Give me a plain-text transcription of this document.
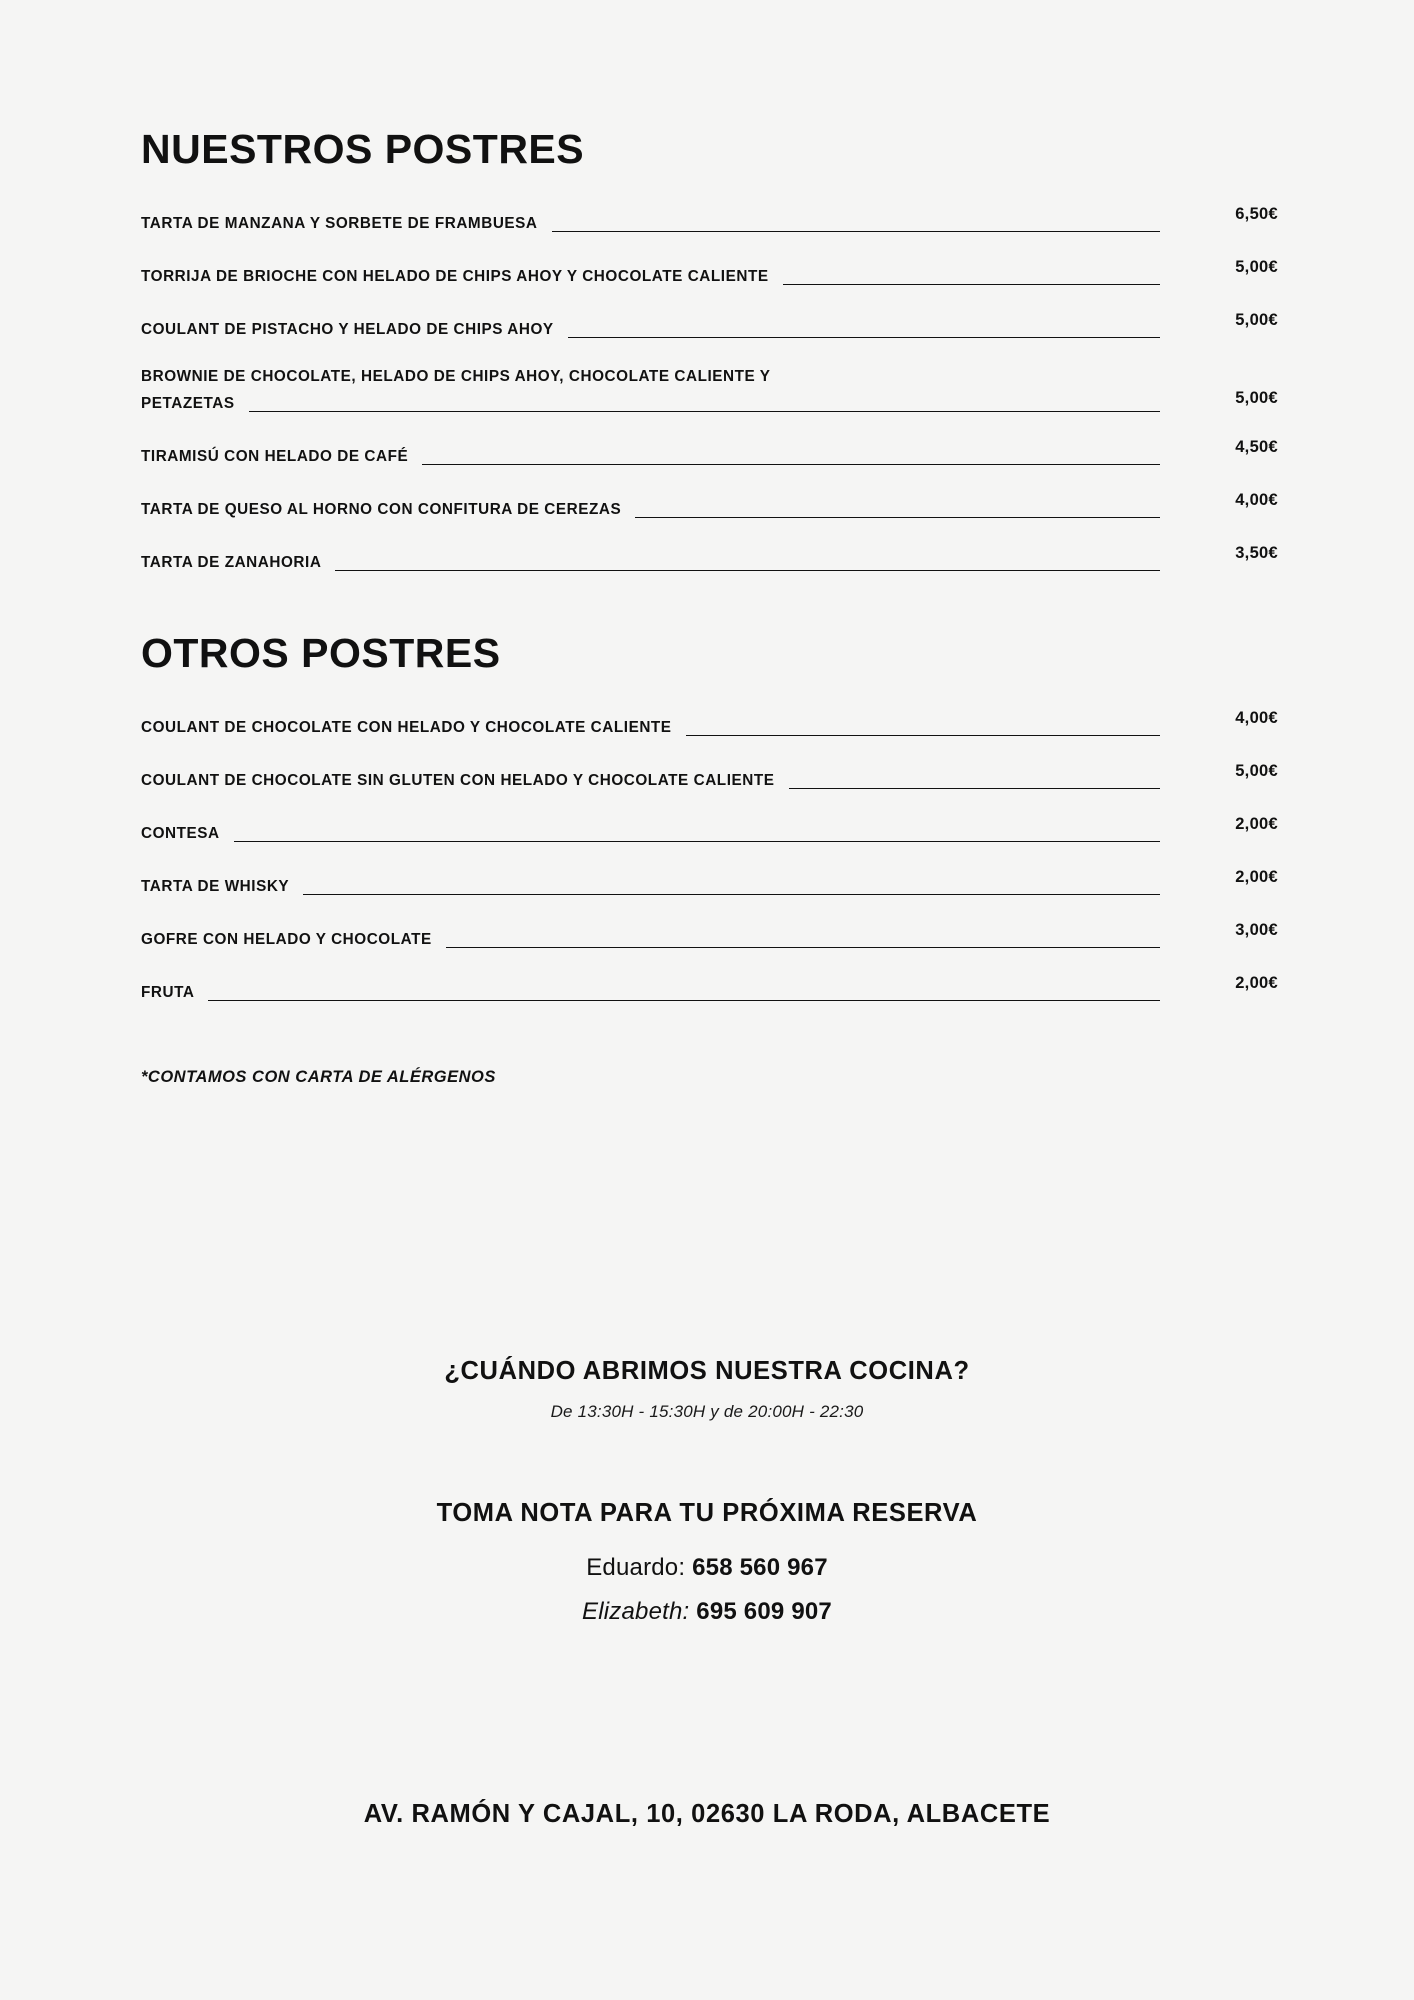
NUESTROS POSTRES
TARTA DE MANZANA Y SORBETE DE FRAMBUESA
6,50€
TORRIJA DE BRIOCHE CON HELADO DE CHIPS AHOY Y CHOCOLATE CALIENTE
5,00€
COULANT DE PISTACHO Y HELADO DE CHIPS AHOY
5,00€
BROWNIE DE CHOCOLATE, HELADO DE CHIPS AHOY, CHOCOLATE CALIENTE Y
PETAZETAS	5,00€
TIRAMISÚ CON HELADO DE CAFÉ
4,50€
TARTA DE QUESO AL HORNO CON CONFITURA DE CEREZAS
4,00€
TARTA DE ZANAHORIA
3,50€
OTROS POSTRES
COULANT DE CHOCOLATE CON HELADO Y CHOCOLATE CALIENTE
4,00€
COULANT DE CHOCOLATE SIN GLUTEN CON HELADO Y CHOCOLATE CALIENTE
5,00€
CONTESA
2,00€
TARTA DE WHISKY
2,00€
GOFRE CON HELADO Y CHOCOLATE
3,00€
FRUTA
2,00€
*CONTAMOS CON CARTA DE ALÉRGENOS
¿CUÁNDO ABRIMOS NUESTRA COCINA?
De 13:30H - 15:30H y de 20:00H - 22:30
TOMA NOTA PARA TU PRÓXIMA RESERVA
Eduardo: 658 560 967
Elizabeth: 695 609 907
AV. RAMÓN Y CAJAL, 10, 02630 LA RODA, ALBACETE
